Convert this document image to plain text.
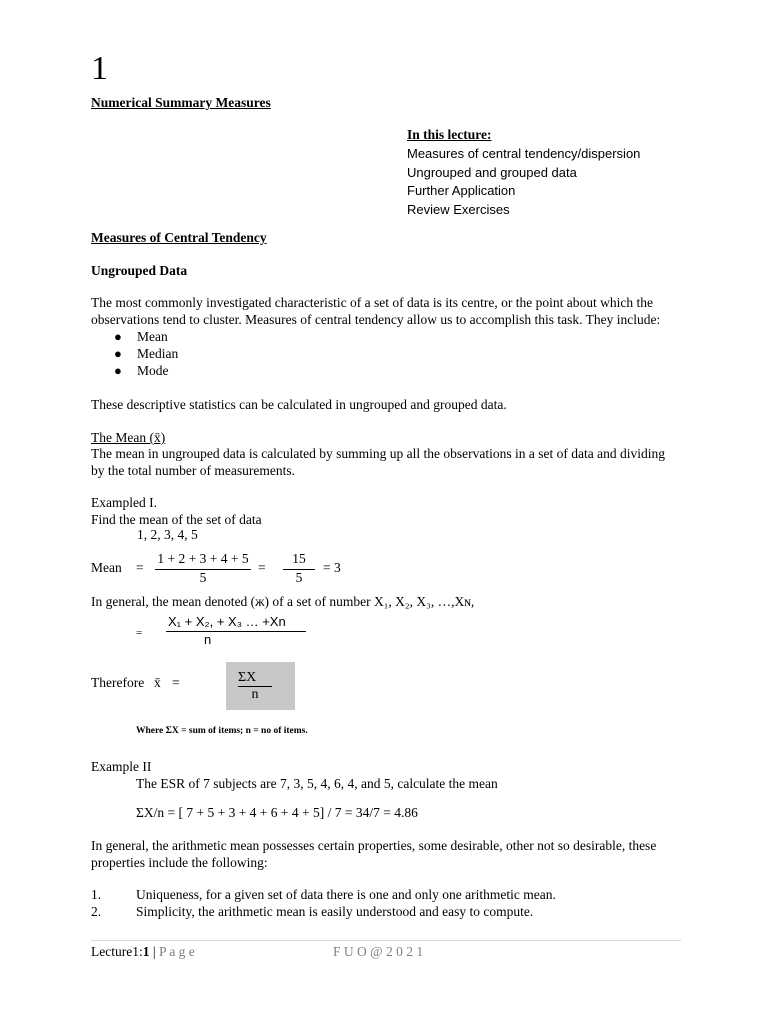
1
Numerical Summary Measures
In this lecture:
Measures of central tendency/dispersion
Ungrouped and grouped data
Further Application
Review Exercises
Measures of Central Tendency
Ungrouped Data
The most commonly investigated characteristic of a set of data is its centre, or the point about which the observations tend to cluster. Measures of central tendency allow us to accomplish this task. They include:
● Mean
● Median
● Mode
These descriptive statistics can be calculated in ungrouped and grouped data.
The Mean (x̄)
The mean in ungrouped data is calculated by summing up all the observations in a set of data and dividing by the total number of measurements.
Exampled I.
Find the mean of the set of data
1, 2, 3, 4, 5
Mean =
1 + 2 + 3 + 4 + 5
5
=
15
5
= 3
In general, the mean denoted (ж) of a set of number X₁, X₂, X₃, …,Xɴ,
=
X₁ + X₂, + X₃ … +Xn
n
Therefore x̄ =	ΣX
n
Where ΣX = sum of items; n = no of items.
Example II
The ESR of 7 subjects are 7, 3, 5, 4, 6, 4, and 5, calculate the mean
ΣX/n = [ 7 + 5 + 3 + 4 + 6 + 4 + 5] / 7 = 34/7 = 4.86
In general, the arithmetic mean possesses certain properties, some desirable, other not so desirable, these properties include the following:
1.	Uniqueness, for a given set of data there is one and only one arithmetic mean.
2.	Simplicity, the arithmetic mean is easily understood and easy to compute.
Lecture1:1 | P a g e	F U O @ 2 0 2 1
